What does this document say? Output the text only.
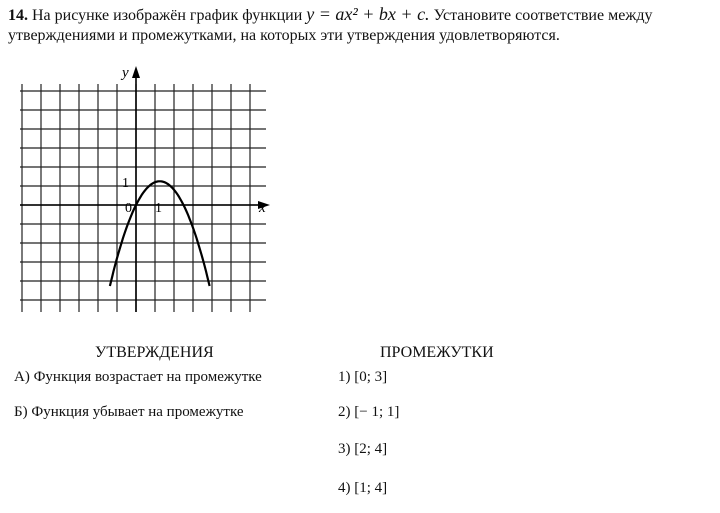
14. На рисунке изображён график функции y = ax² + bx + c. Установите соответствие между утверждениями и промежутками, на которых эти утверждения удовлетворяются.
y
x
1
0 1
УТВЕРЖДЕНИЯ	ПРОМЕЖУТКИ
А) Функция возрастает на промежутке
Б) Функция убывает на промежутке
1) [0; 3]
2) [− 1; 1]
3) [2; 4]
4) [1; 4]
